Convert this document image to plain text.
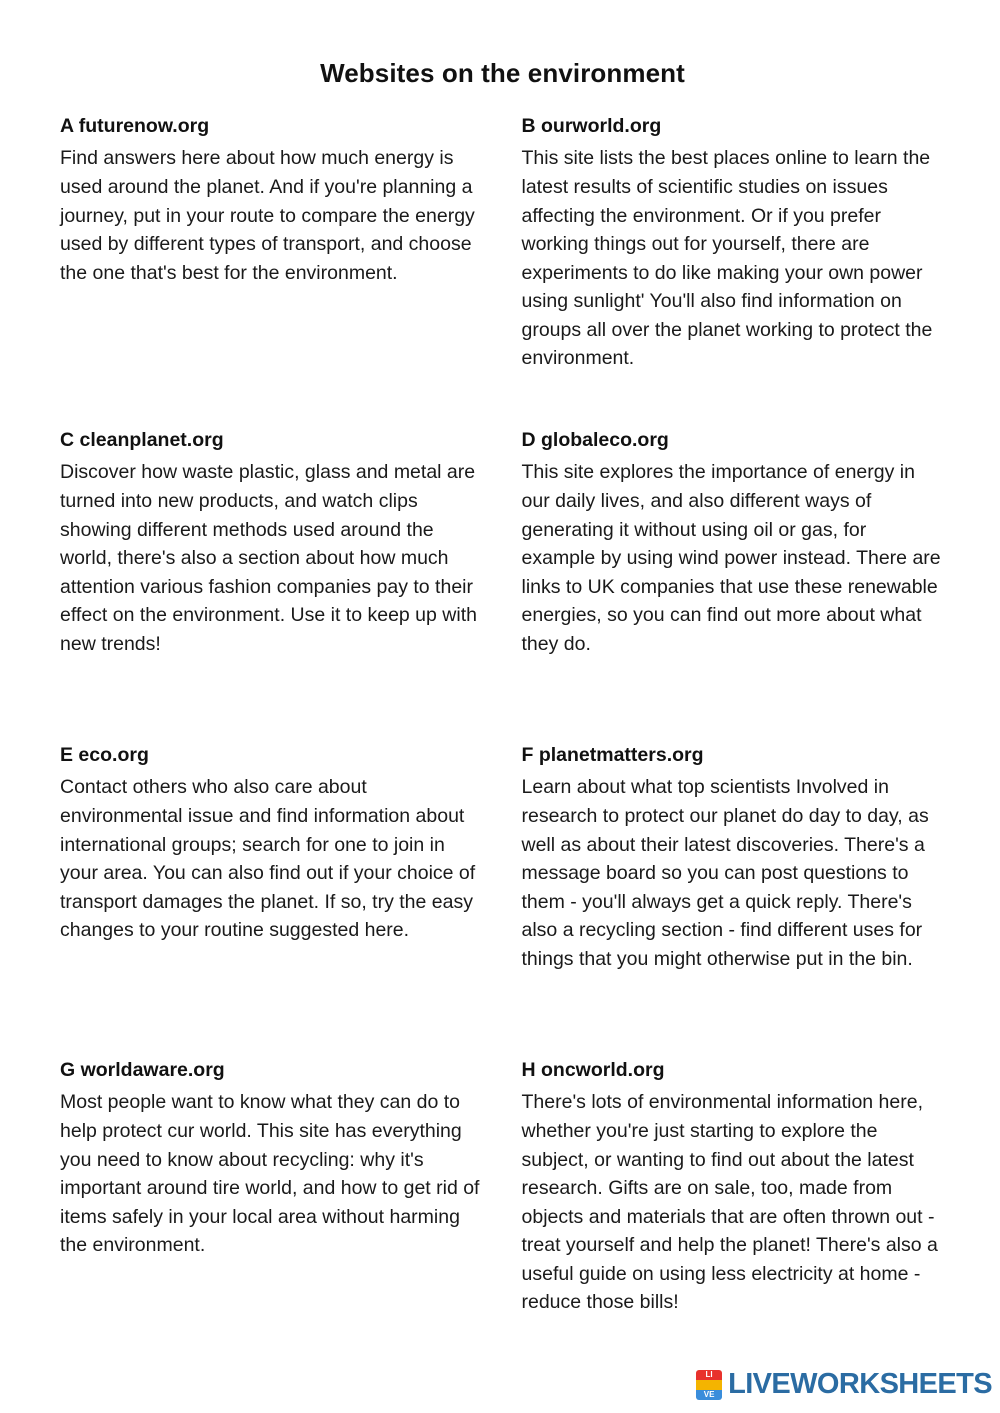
Websites on the environment
A futurenow.org
Find answers here about how much energy is used around the planet. And if you're planning a journey, put in your route to compare the energy used by different types of transport, and choose the one that's best for the environment.
C cleanplanet.org
Discover how waste plastic, glass and metal are turned into new products, and watch clips showing different methods used around the world, there's also a section about how much attention various fashion companies pay to their effect on the environment. Use it to keep up with new trends!
E eco.org
Contact others who also care about environmental issue and find information about international groups; search for one to join in your area. You can also find out if your choice of transport damages the planet. If so, try the easy changes to your routine suggested here.
G worldaware.org
Most people want to know what they can do to help protect cur world. This site has everything you need to know about recycling: why it's important around tire world, and how to get rid of items safely in your local area without harming the environment.
B ourworld.org
This site lists the best places online to learn the latest results of scientific studies on issues affecting the environment. Or if you prefer working things out for yourself, there are experiments to do like making your own power using sunlight' You'll also find information on groups all over the planet working to protect the environment.
D globaleco.org
This site explores the importance of energy in our daily lives, and also different ways of generating it without using oil or gas, for example by using wind power instead. There are links to UK companies that use these renewable energies, so you can find out more about what they do.
F planetmatters.org
Learn about what top scientists Involved in research to protect our planet do day to day, as well as about their latest discoveries. There's a message board so you can post questions to them - you'll always get a quick reply. There's also a recycling section - find different uses for things that you might otherwise put in the bin.
H oncworld.org
There's lots of environmental information here, whether you're just starting to explore the subject, or wanting to find out about the latest research. Gifts are on sale, too, made from objects and materials that are often thrown out - treat yourself and help the planet! There's also a useful guide on using less electricity at home - reduce those bills!
LI
VE LIVEWORKSHEETS
